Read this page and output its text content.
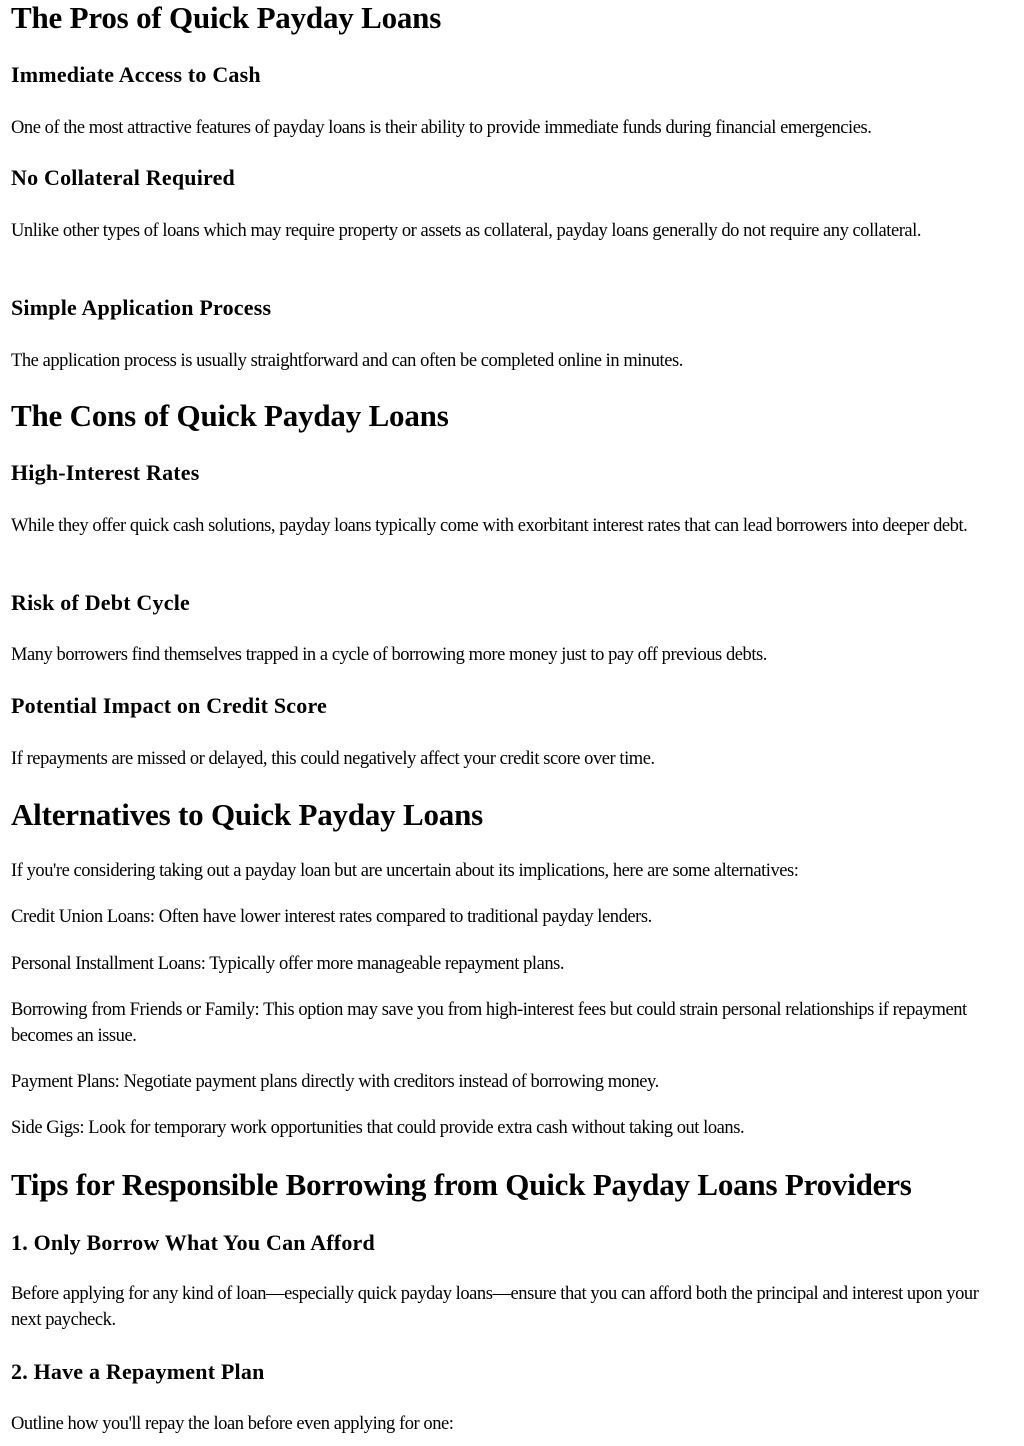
The Pros of Quick Payday Loans
Immediate Access to Cash

One of the most attractive features of payday loans is their ability to provide immediate funds during financial emergencies.

No Collateral Required

Unlike other types of loans which may require property or assets as collateral, payday loans generally do not require any collateral.

Simple Application Process

The application process is usually straightforward and can often be completed online in minutes.

The Cons of Quick Payday Loans
High-Interest Rates

While they offer quick cash solutions, payday loans typically come with exorbitant interest rates that can lead borrowers into deeper debt.

Risk of Debt Cycle

Many borrowers find themselves trapped in a cycle of borrowing more money just to pay off previous debts.

Potential Impact on Credit Score

If repayments are missed or delayed, this could negatively affect your credit score over time.

Alternatives to Quick Payday Loans

If you're considering taking out a payday loan but are uncertain about its implications, here are some alternatives:

Credit Union Loans: Often have lower interest rates compared to traditional payday lenders.

Personal Installment Loans: Typically offer more manageable repayment plans.

Borrowing from Friends or Family: This option may save you from high-interest fees but could strain personal relationships if repayment becomes an issue.

Payment Plans: Negotiate payment plans directly with creditors instead of borrowing money.

Side Gigs: Look for temporary work opportunities that could provide extra cash without taking out loans.

Tips for Responsible Borrowing from Quick Payday Loans Providers
1. Only Borrow What You Can Afford

Before applying for any kind of loan—especially quick payday loans—ensure that you can afford both the principal and interest upon your next paycheck.

2. Have a Repayment Plan

Outline how you'll repay the loan before even applying for one:
